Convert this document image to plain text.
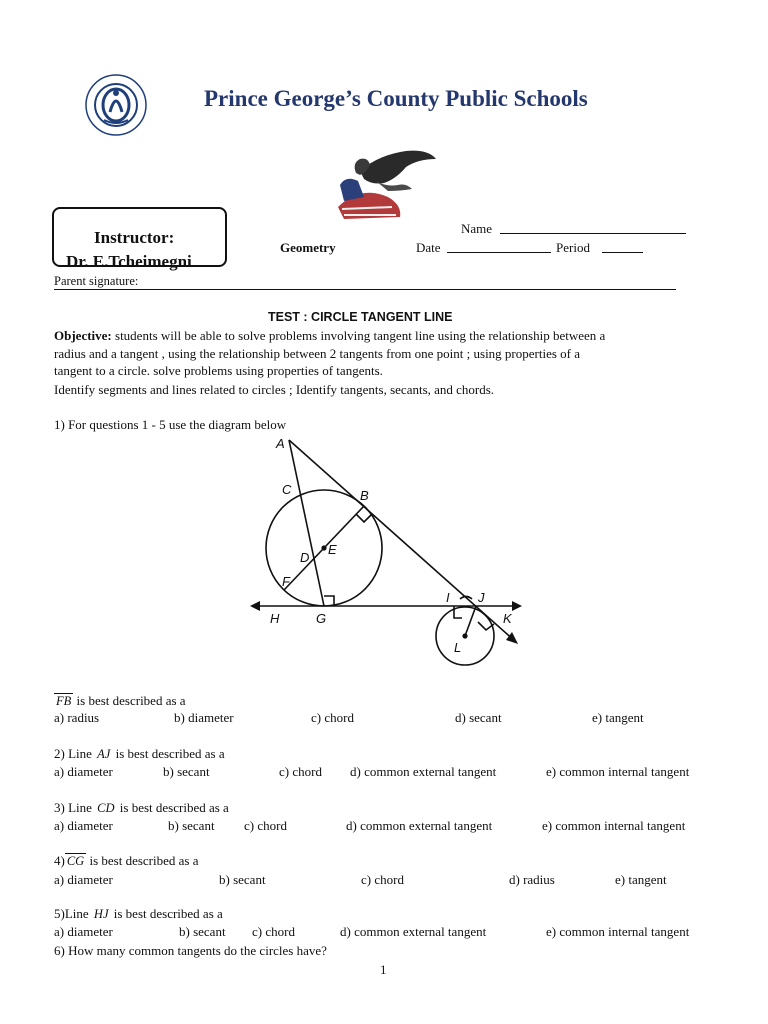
Prince George’s County Public Schools
Instructor:
Dr. E.Tcheimegni
Geometry
Name
Date	Period
Parent signature:
TEST : CIRCLE TANGENT LINE
Objective: students will be able to solve problems involving tangent line using the relationship between a
radius and a tangent , using the relationship between 2 tangents from one point ; using properties of a
tangent to a circle. solve problems using properties of tangents.
Identify segments and lines related to circles ; Identify tangents, secants, and chords.
1) For questions 1 - 5 use the diagram below
A
B
C
D
E
F
G
H
I J
K
L
FB is best described as a
a) radius	b) diameter	c) chord	d) secant	e) tangent
2) Line AJ is best described as a
a) diameter	b) secant	c) chord d) common external tangent	e) common internal tangent
3) Line CD is best described as a
a) diameter	b) secant c) chord	d) common external tangent	e) common internal tangent
4) CG is best described as a
a) diameter	b) secant	c) chord	d) radius	e) tangent
5)Line HJ is best described as a
a) diameter	b) secant c) chord	d) common external tangent	e) common internal tangent
6) How many common tangents do the circles have?
1
